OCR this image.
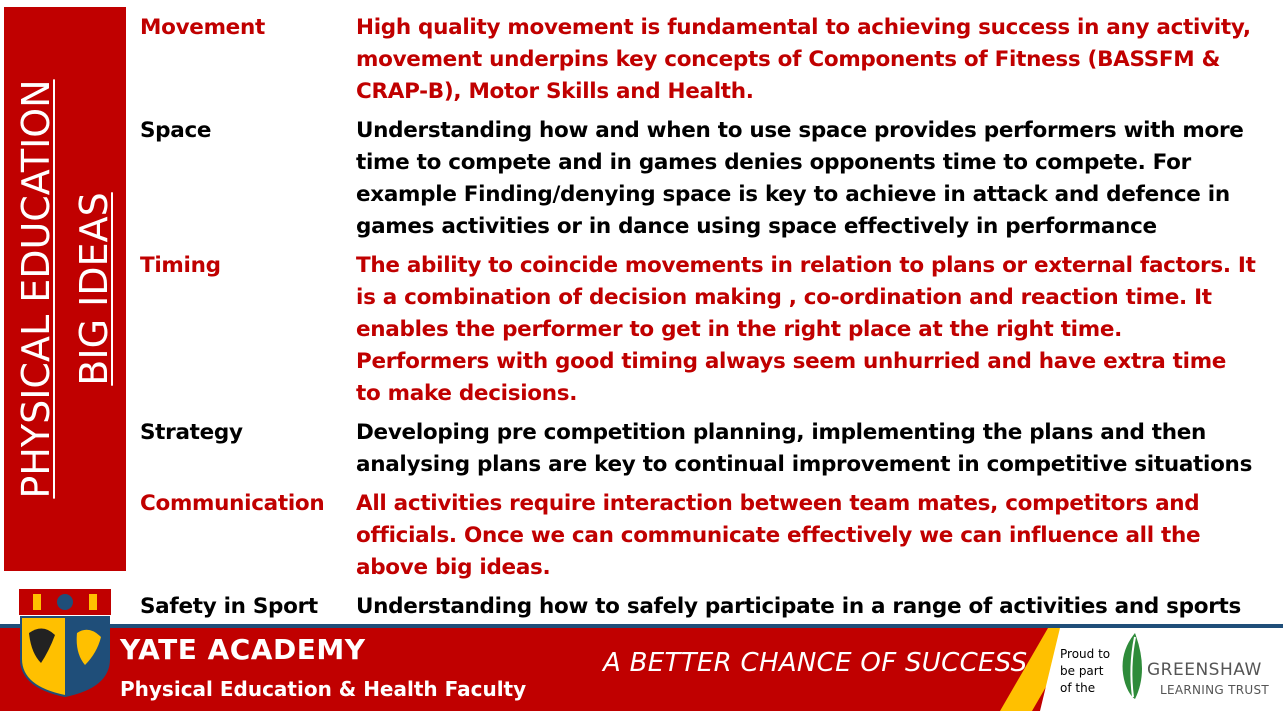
PHYSICAL EDUCATION BIG IDEAS
Movement	High quality movement is fundamental to achieving success in any activity, movement underpins key concepts of Components of Fitness (BASSFM & CRAP-B), Motor Skills and Health.
Space	Understanding how and when to use space provides performers with more time to compete and in games denies opponents time to compete. For example Finding/denying space is key to achieve in attack and defence in games activities or in dance using space effectively in performance
Timing	The ability to coincide movements in relation to plans or external factors. It is a combination of decision making , co-ordination and reaction time. It enables the performer to get in the right place at the right time. Performers with good timing always seem unhurried and have extra time to make decisions.
Strategy	Developing pre competition planning, implementing the plans and then analysing plans are key to continual improvement in competitive situations
Communication	All activities require interaction between team mates, competitors and officials. Once we can communicate effectively we can influence all the above big ideas.
Safety in Sport	Understanding how to safely participate in a range of activities and sports
YATE ACADEMY
Physical Education & Health Faculty
A BETTER CHANCE OF SUCCESS	Proud to
be part
of the
GREENSHAW
LEARNING TRUST
